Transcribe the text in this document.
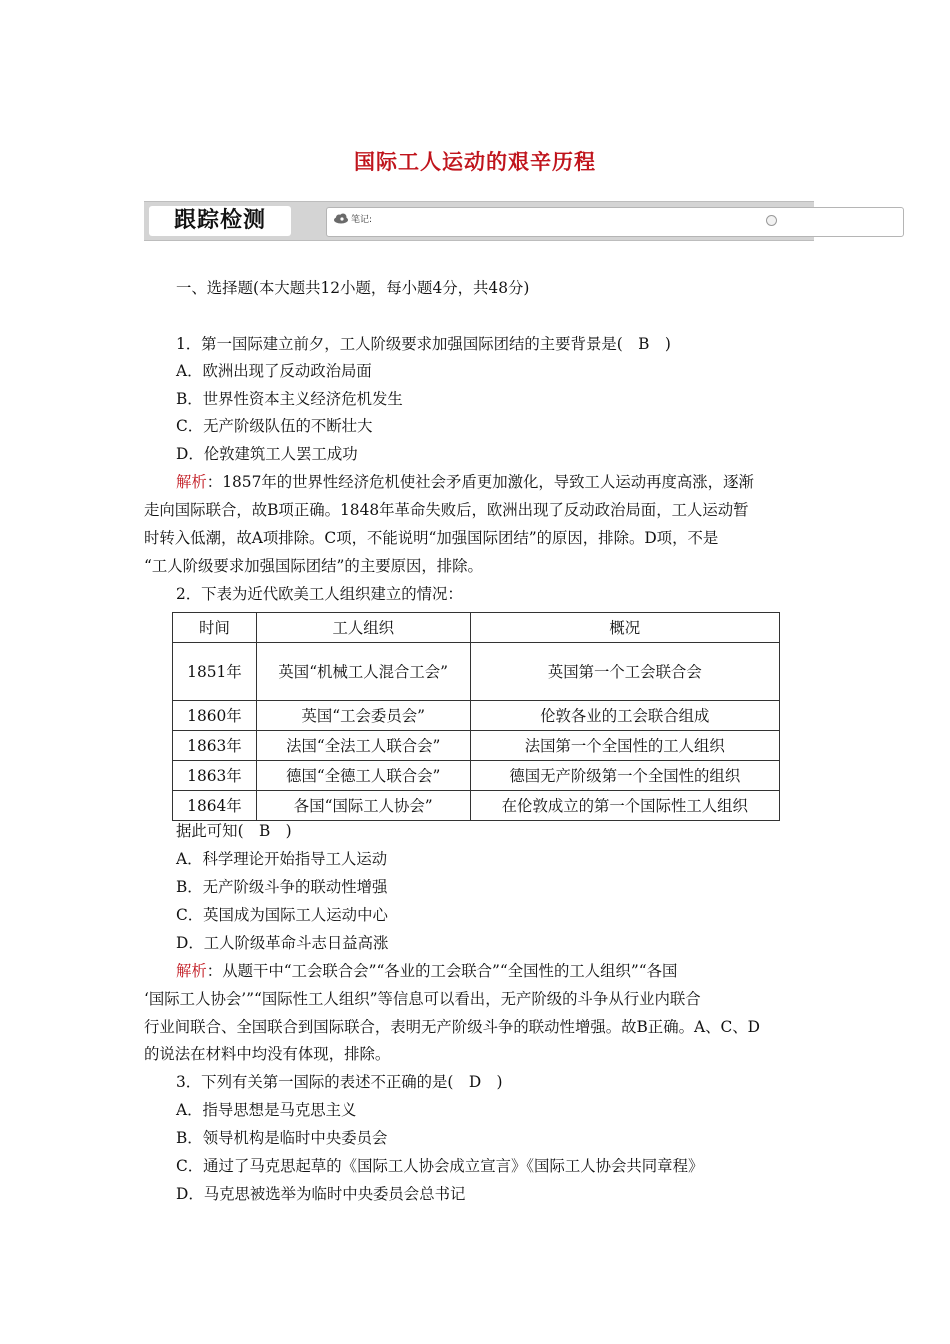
国际工人运动的艰辛历程
跟踪检测	笔记:
一、选择题(本大题共12小题，每小题4分，共48分)
1．第一国际建立前夕，工人阶级要求加强国际团结的主要背景是(　B　)
A．欧洲出现了反动政治局面
B．世界性资本主义经济危机发生
C．无产阶级队伍的不断壮大
D．伦敦建筑工人罢工成功
解析：1857年的世界性经济危机使社会矛盾更加激化，导致工人运动再度高涨，逐渐
走向国际联合，故B项正确。1848年革命失败后，欧洲出现了反动政治局面，工人运动暂
时转入低潮，故A项排除。C项，不能说明“加强国际团结”的原因，排除。D项，不是
“工人阶级要求加强国际团结”的主要原因，排除。
2．下表为近代欧美工人组织建立的情况：
时间	工人组织	概况
1851年	英国“机械工人混合工会”	英国第一个工会联合会
1860年	英国“工会委员会”	伦敦各业的工会联合组成
1863年	法国“全法工人联合会”	法国第一个全国性的工人组织
1863年	德国“全德工人联合会”	德国无产阶级第一个全国性的组织
1864年	各国“国际工人协会”	在伦敦成立的第一个国际性工人组织
据此可知(　B　)
A．科学理论开始指导工人运动
B．无产阶级斗争的联动性增强
C．英国成为国际工人运动中心
D．工人阶级革命斗志日益高涨
解析：从题干中“工会联合会”“各业的工会联合”“全国性的工人组织”“各国
‘国际工人协会’”“国际性工人组织”等信息可以看出，无产阶级的斗争从行业内联合
行业间联合、全国联合到国际联合，表明无产阶级斗争的联动性增强。故B正确。A、C、D
的说法在材料中均没有体现，排除。
3．下列有关第一国际的表述不正确的是(　D　)
A．指导思想是马克思主义
B．领导机构是临时中央委员会
C．通过了马克思起草的《国际工人协会成立宣言》《国际工人协会共同章程》
D．马克思被选举为临时中央委员会总书记
